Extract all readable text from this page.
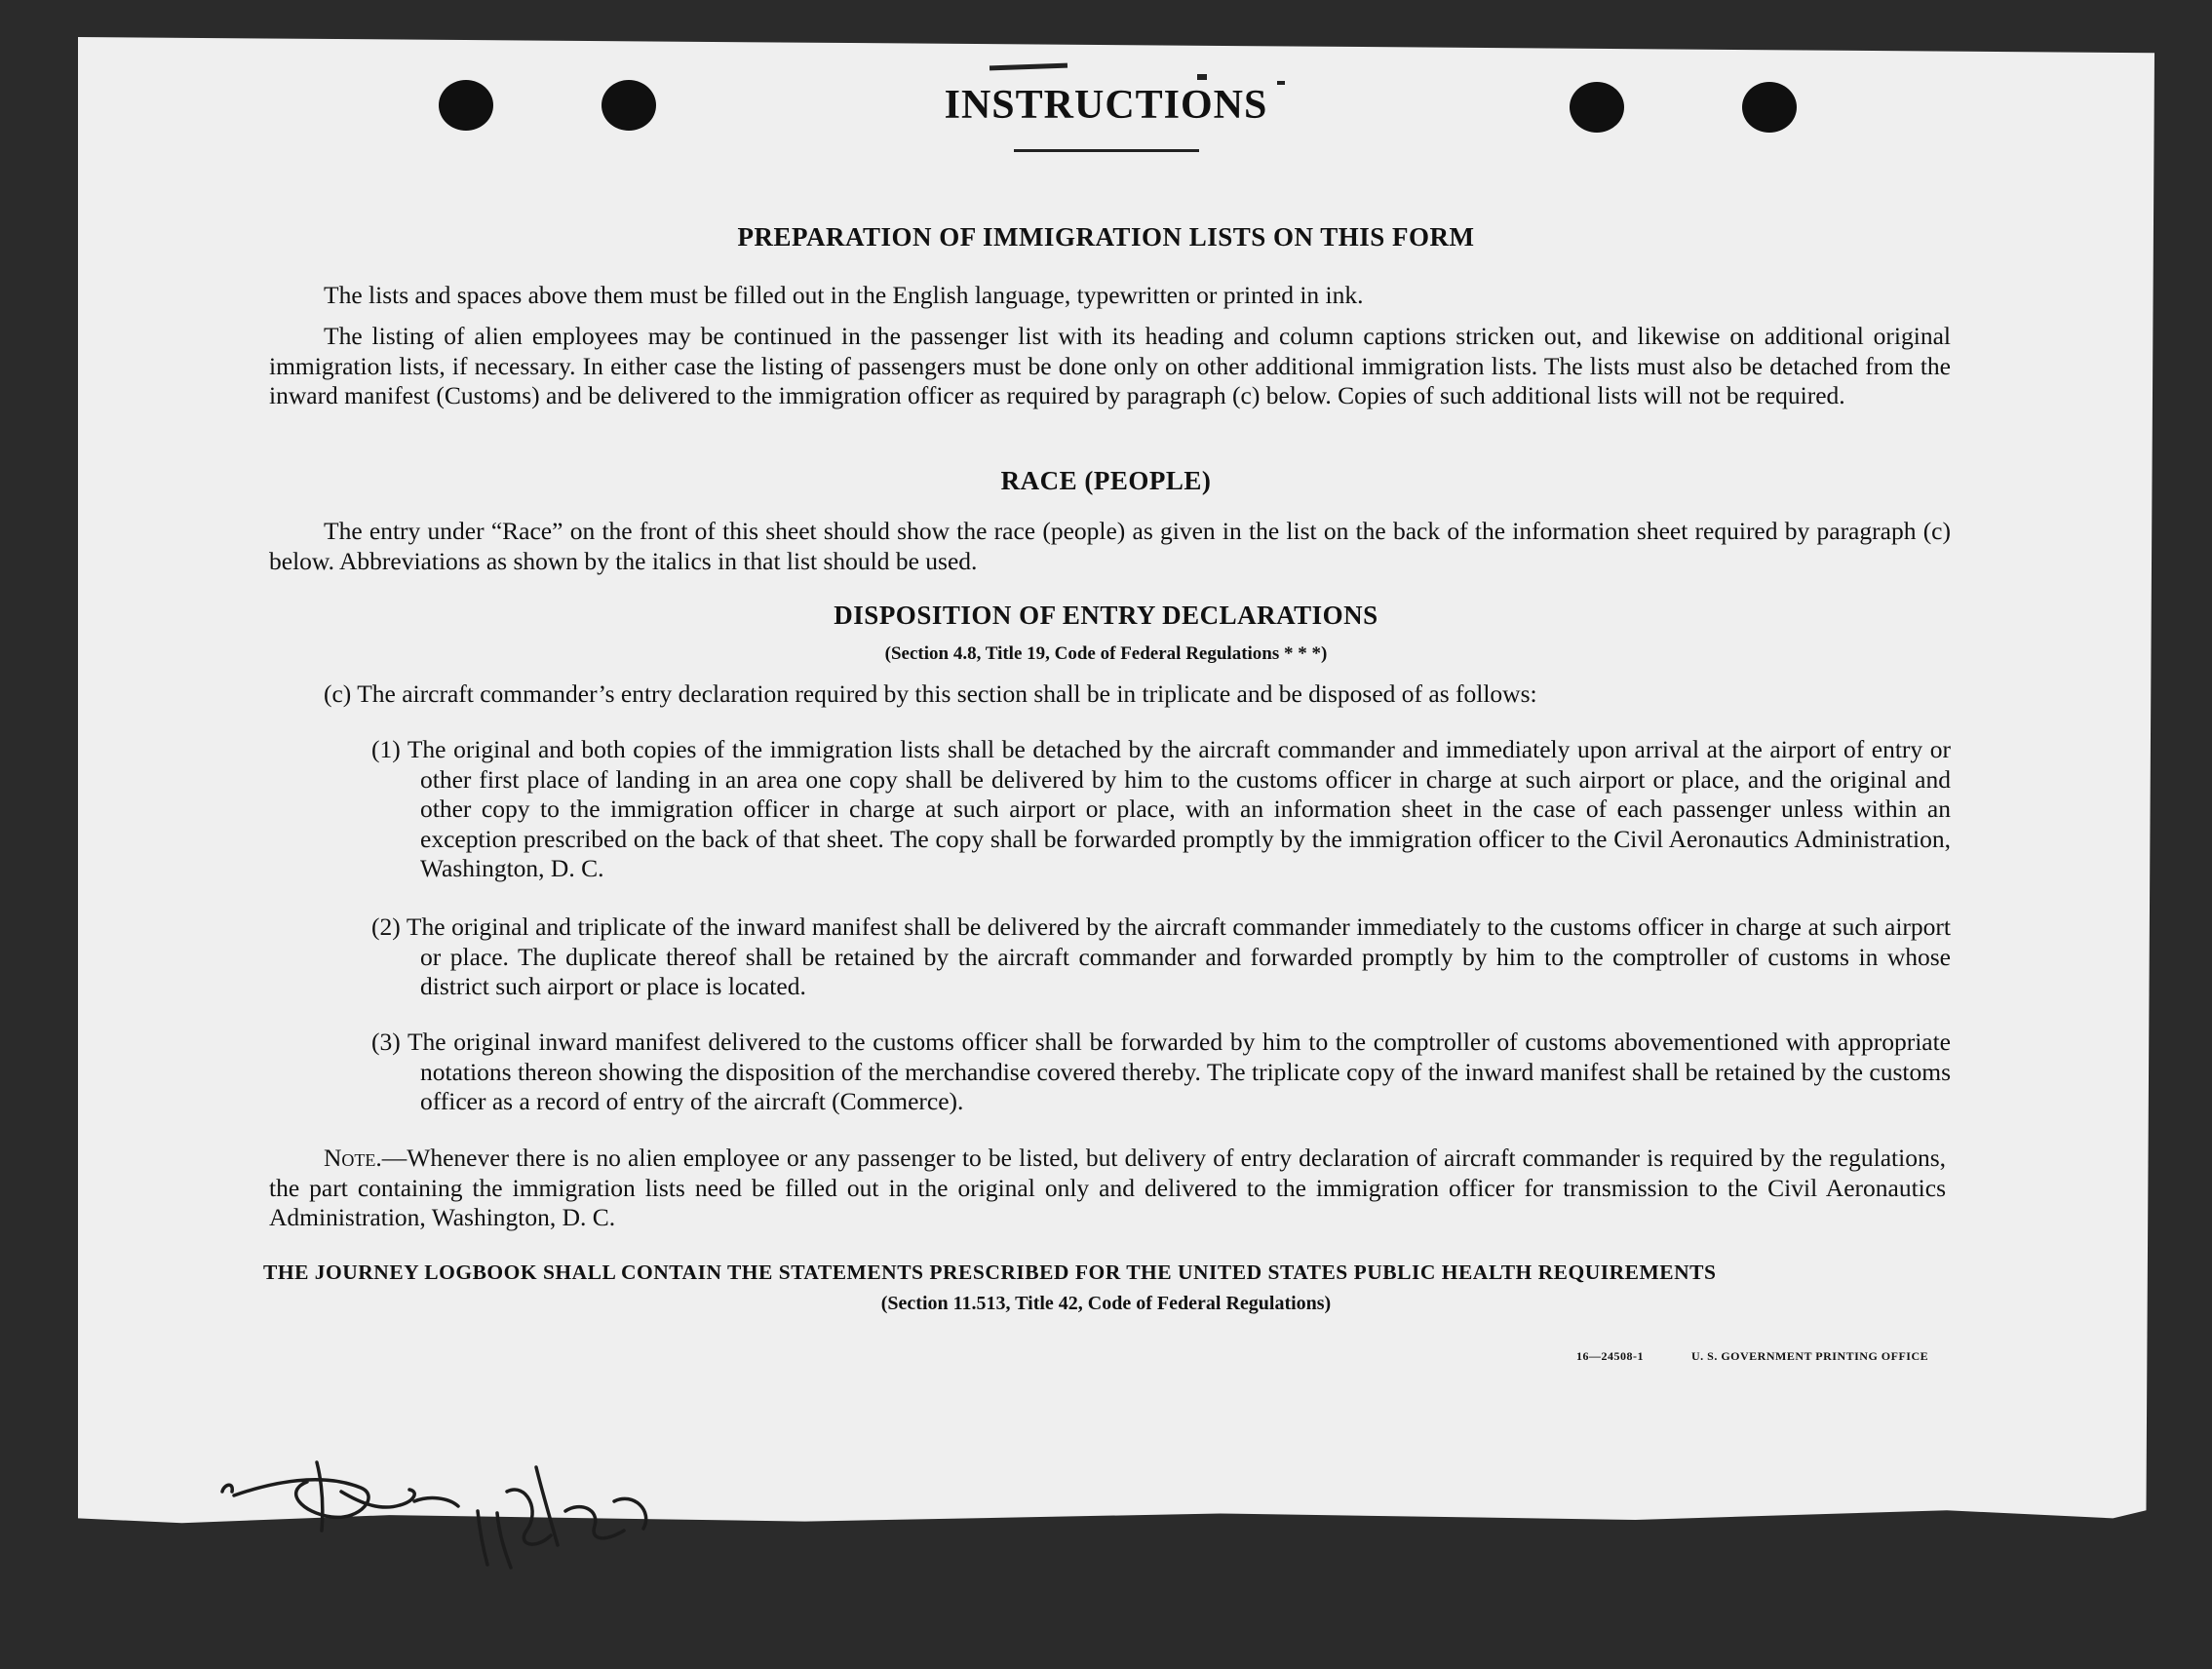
INSTRUCTIONS
PREPARATION OF IMMIGRATION LISTS ON THIS FORM
The lists and spaces above them must be filled out in the English language, typewritten or printed in ink.
The listing of alien employees may be continued in the passenger list with its heading and column captions stricken out, and likewise on additional original immigration lists, if necessary. In either case the listing of passengers must be done only on other additional immigration lists. The lists must also be detached from the inward manifest (Customs) and be delivered to the immigration officer as required by paragraph (c) below. Copies of such additional lists will not be required.
RACE (PEOPLE)
The entry under “Race” on the front of this sheet should show the race (people) as given in the list on the back of the information sheet required by paragraph (c) below. Abbreviations as shown by the italics in that list should be used.
DISPOSITION OF ENTRY DECLARATIONS
(Section 4.8, Title 19, Code of Federal Regulations * * *)
(c) The aircraft commander’s entry declaration required by this section shall be in triplicate and be disposed of as follows:
(1) The original and both copies of the immigration lists shall be detached by the aircraft commander and immediately upon arrival at the airport of entry or other first place of landing in an area one copy shall be delivered by him to the customs officer in charge at such airport or place, and the original and other copy to the immigration officer in charge at such airport or place, with an information sheet in the case of each passenger unless within an exception prescribed on the back of that sheet. The copy shall be forwarded promptly by the immigration officer to the Civil Aeronautics Administration, Washington, D. C.
(2) The original and triplicate of the inward manifest shall be delivered by the aircraft commander immediately to the customs officer in charge at such airport or place. The duplicate thereof shall be retained by the aircraft commander and forwarded promptly by him to the comptroller of customs in whose district such airport or place is located.
(3) The original inward manifest delivered to the customs officer shall be forwarded by him to the comptroller of customs abovementioned with appropriate notations thereon showing the disposition of the merchandise covered thereby. The triplicate copy of the inward manifest shall be retained by the customs officer as a record of entry of the aircraft (Commerce).
Note.—Whenever there is no alien employee or any passenger to be listed, but delivery of entry declaration of aircraft commander is required by the regulations, the part containing the immigration lists need be filled out in the original only and delivered to the immigration officer for transmission to the Civil Aeronautics Administration, Washington, D. C.
THE JOURNEY LOGBOOK SHALL CONTAIN THE STATEMENTS PRESCRIBED FOR THE UNITED STATES PUBLIC HEALTH REQUIREMENTS
(Section 11.513, Title 42, Code of Federal Regulations)
16—24508-1	U. S. GOVERNMENT PRINTING OFFICE
